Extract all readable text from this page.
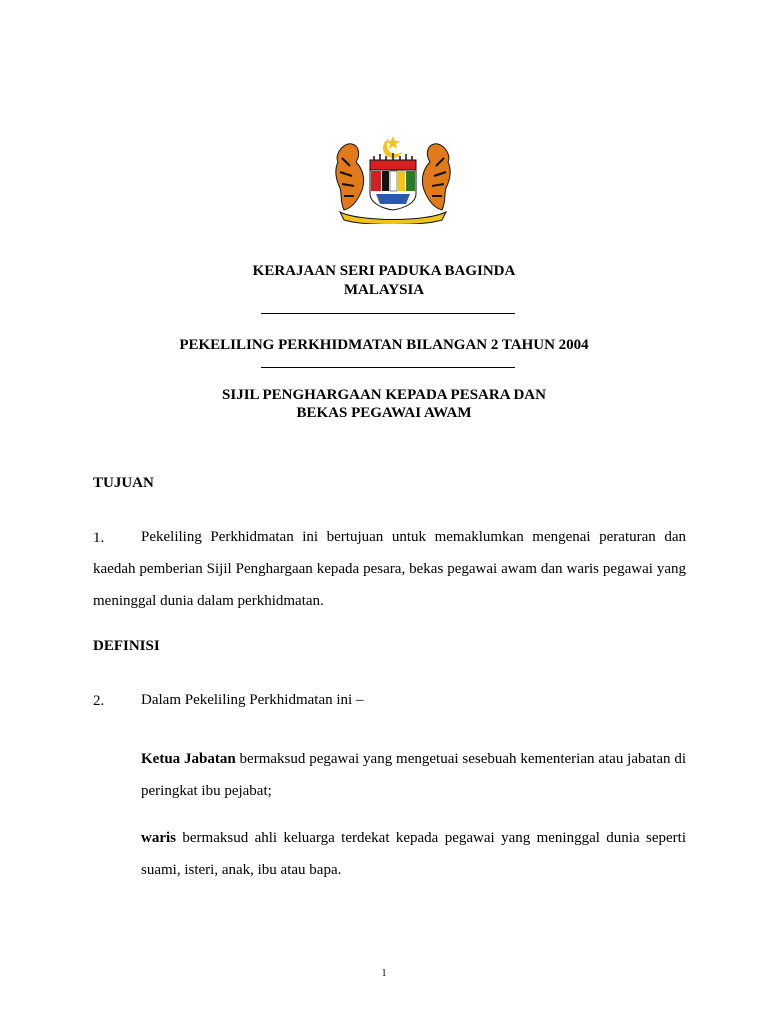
KERAJAAN SERI PADUKA BAGINDA
MALAYSIA
PEKELILING PERKHIDMATAN BILANGAN 2 TAHUN 2004
SIJIL PENGHARGAAN KEPADA PESARA DAN
BEKAS PEGAWAI AWAM
TUJUAN
1.	Pekeliling Perkhidmatan ini bertujuan untuk memaklumkan mengenai peraturan dan kaedah pemberian Sijil Penghargaan kepada pesara, bekas pegawai awam dan waris pegawai yang meninggal dunia dalam perkhidmatan.
DEFINISI
2. Dalam Pekeliling Perkhidmatan ini –
Ketua Jabatan bermaksud pegawai yang mengetuai sesebuah kementerian atau jabatan di peringkat ibu pejabat;
waris bermaksud ahli keluarga terdekat kepada pegawai yang meninggal dunia seperti suami, isteri, anak, ibu atau bapa.
1
